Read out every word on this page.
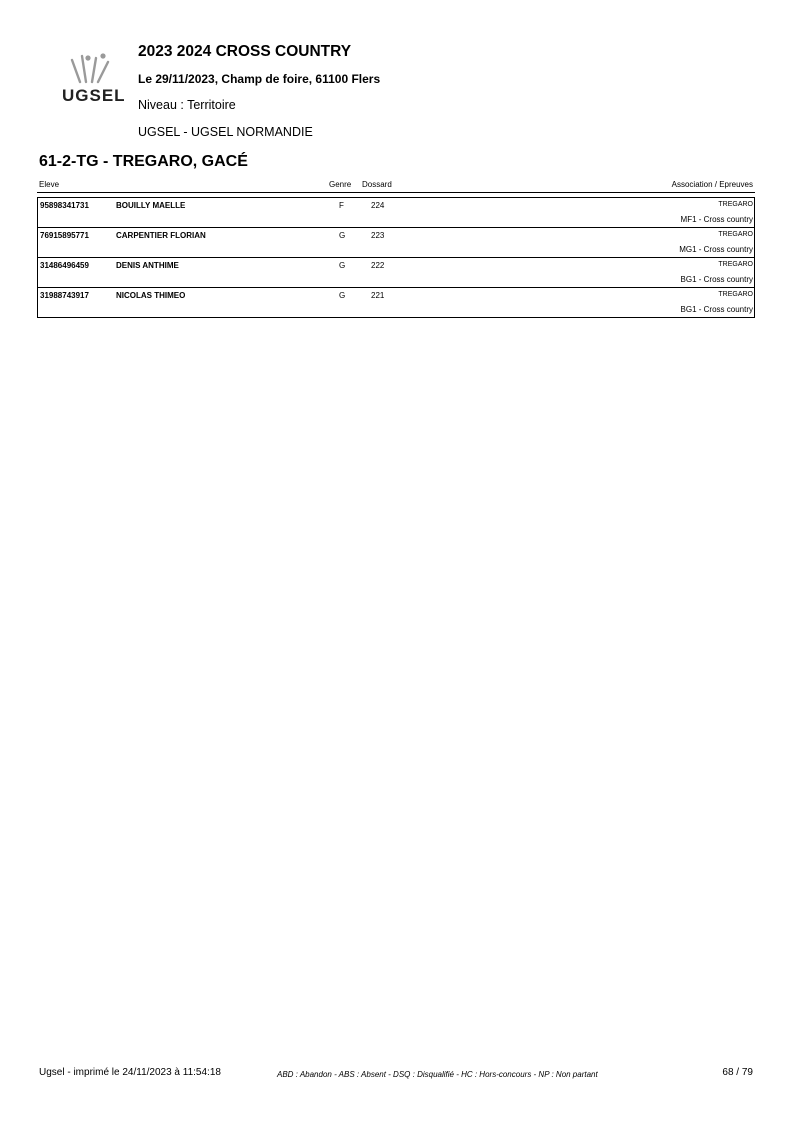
UGSEL
2023 2024 CROSS COUNTRY
Le 29/11/2023, Champ de foire, 61100 Flers
Niveau : Territoire
UGSEL - UGSEL NORMANDIE
61-2-TG - TREGARO, GACÉ
Eleve	Genre Dossard	Association / Epreuves
95898341731	BOUILLY MAELLE	F	224	TREGARO
MF1 - Cross country
76915895771	CARPENTIER FLORIAN	G	223	TREGARO
MG1 - Cross country
31486496459	DENIS ANTHIME	G	222	TREGARO
BG1 - Cross country
31988743917	NICOLAS THIMEO	G	221	TREGARO
BG1 - Cross country
Ugsel - imprimé le 24/11/2023 à 11:54:18	ABD : Abandon - ABS : Absent - DSQ : Disqualifié - HC : Hors-concours - NP : Non partant	68 / 79
